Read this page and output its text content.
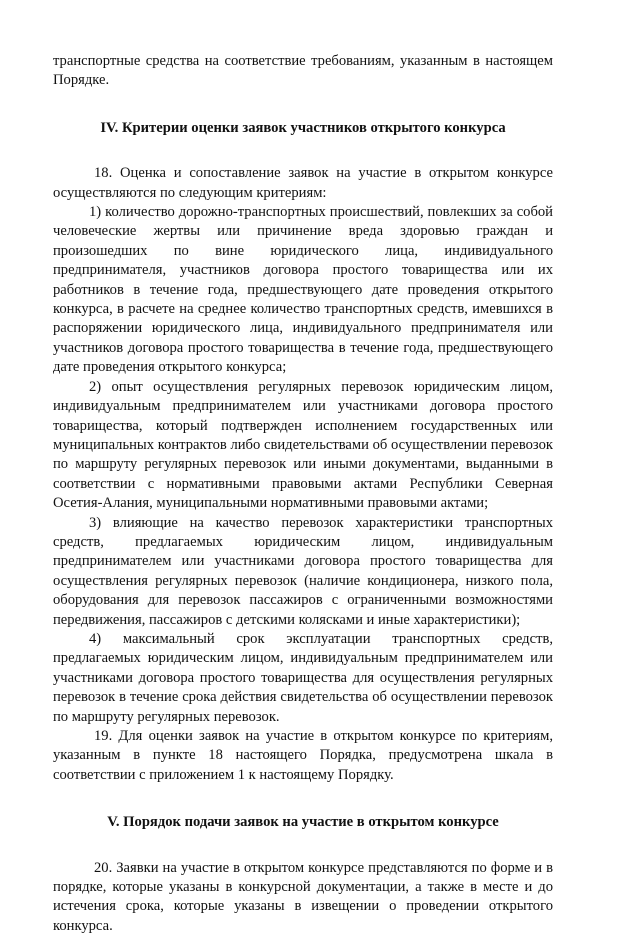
транспортные средства на соответствие требованиям, указанным в настоящем Порядке.

IV. Критерии оценки заявок участников открытого конкурса

18. Оценка и сопоставление заявок на участие в открытом конкурсе осуществляются по следующим критериям:

1) количество дорожно-транспортных происшествий, повлекших за собой человеческие жертвы или причинение вреда здоровью граждан и произошедших по вине юридического лица, индивидуального предпринимателя, участников договора простого товарищества или их работников в течение года, предшествующего дате проведения открытого конкурса, в расчете на среднее количество транспортных средств, имевшихся в распоряжении юридического лица, индивидуального предпринимателя или участников договора простого товарищества в течение года, предшествующего дате проведения открытого конкурса;

2) опыт осуществления регулярных перевозок юридическим лицом, индивидуальным предпринимателем или участниками договора простого товарищества, который подтвержден исполнением государственных или муниципальных контрактов либо свидетельствами об осуществлении перевозок по маршруту регулярных перевозок или иными документами, выданными в соответствии с нормативными правовыми актами Республики Северная Осетия-Алания, муниципальными нормативными правовыми актами;

3) влияющие на качество перевозок характеристики транспортных средств, предлагаемых юридическим лицом, индивидуальным предпринимателем или участниками договора простого товарищества для осуществления регулярных перевозок (наличие кондиционера, низкого пола, оборудования для перевозок пассажиров с ограниченными возможностями передвижения, пассажиров с детскими колясками и иные характеристики);

4) максимальный срок эксплуатации транспортных средств, предлагаемых юридическим лицом, индивидуальным предпринимателем или участниками договора простого товарищества для осуществления регулярных перевозок в течение срока действия свидетельства об осуществлении перевозок по маршруту регулярных перевозок.

19. Для оценки заявок на участие в открытом конкурсе по критериям, указанным в пункте 18 настоящего Порядка, предусмотрена шкала в соответствии с приложением 1 к настоящему Порядку.

V. Порядок подачи заявок на участие в открытом конкурсе

20. Заявки на участие в открытом конкурсе представляются по форме и в порядке, которые указаны в конкурсной документации, а также в месте и до истечения срока, которые указаны в извещении о проведении открытого конкурса.
